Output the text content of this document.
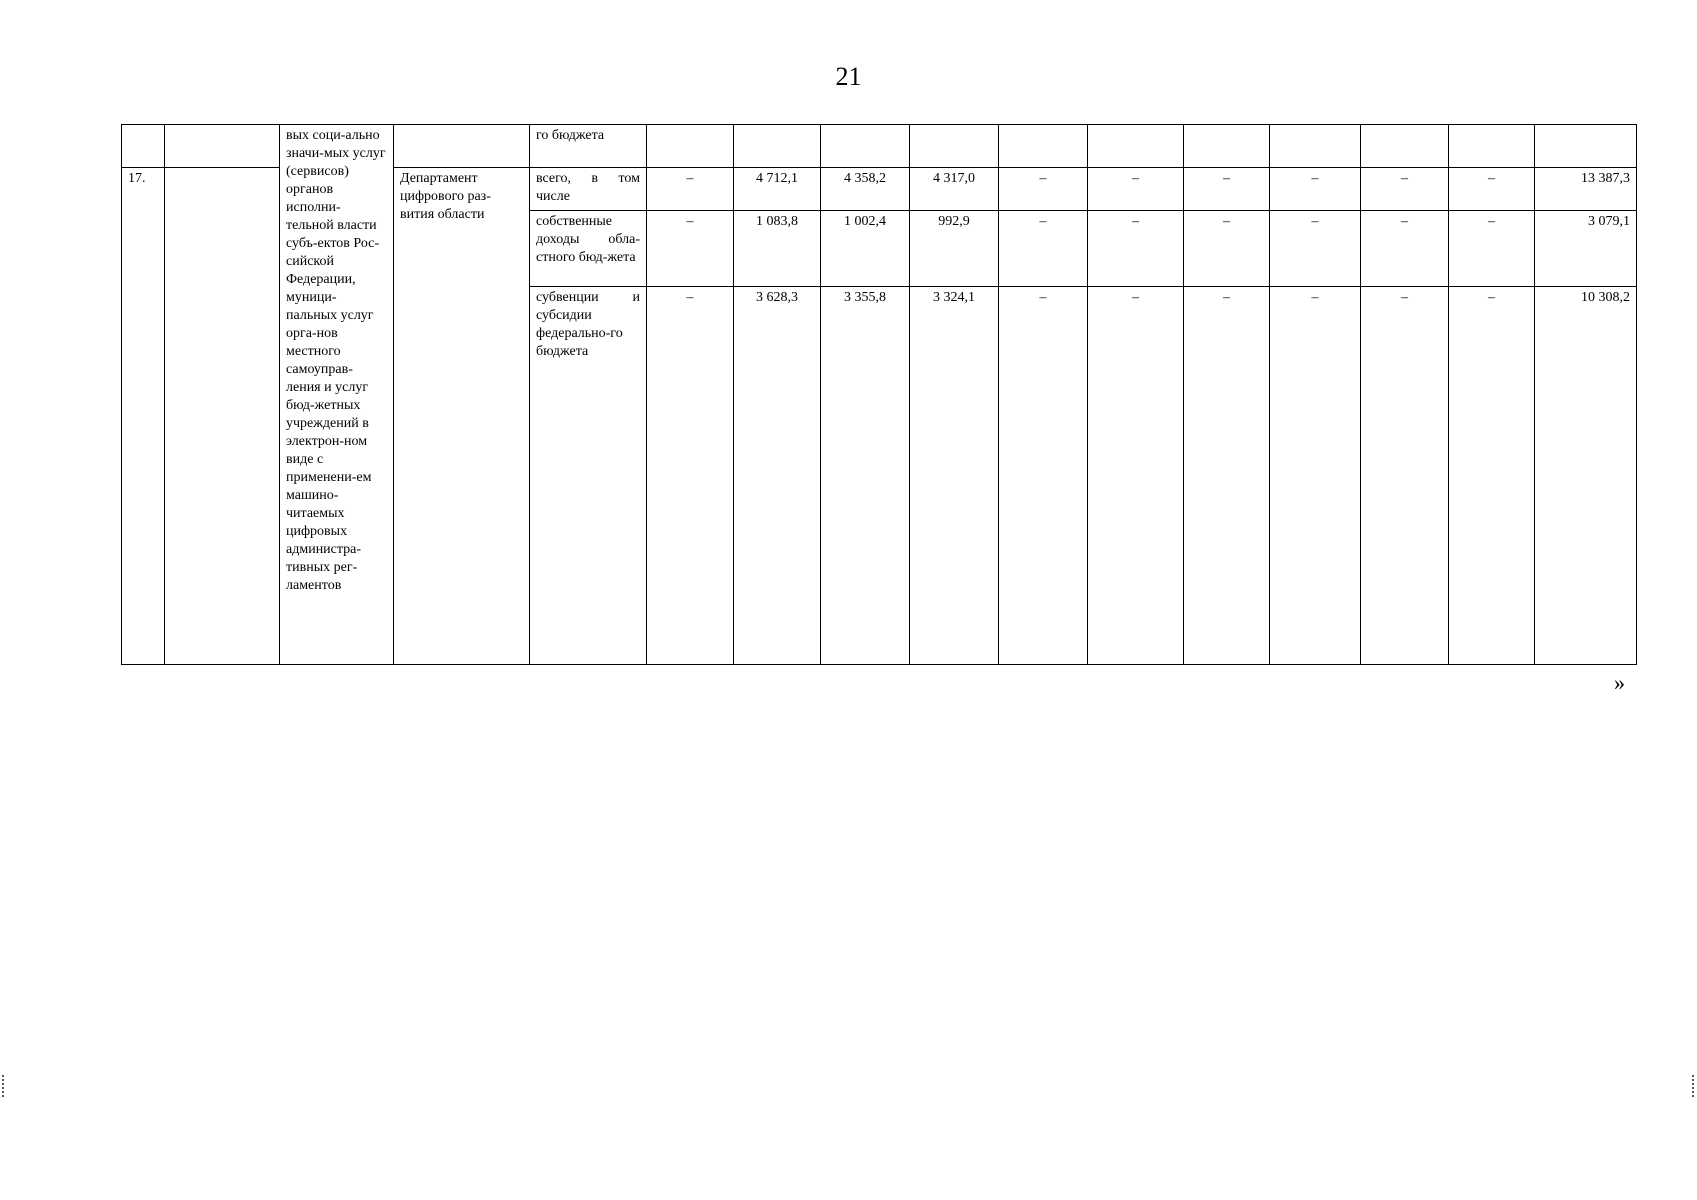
21
		вых соци-ально значи-мых услуг (сервисов) органов исполни-тельной власти субъ-ектов Рос-сийской Федерации, муници-пальных услуг орга-нов местного самоуправ-ления и услуг бюд-жетных учреждений в электрон-ном виде с применени-ем машино-читаемых цифровых администра-тивных рег-ламентов		го бюджета											
17.			Департамент цифрового раз-вития области	всего, в том числе	–	4 712,1	4 358,2	4 317,0	–	–	–	–	–	–	13 387,3
				собственные доходы обла-стного бюд-жета	–	1 083,8	1 002,4	992,9	–	–	–	–	–	–	3 079,1
				субвенции и субсидии федерально-го бюджета	–	3 628,3	3 355,8	3 324,1	–	–	–	–	–	–	10 308,2
»
